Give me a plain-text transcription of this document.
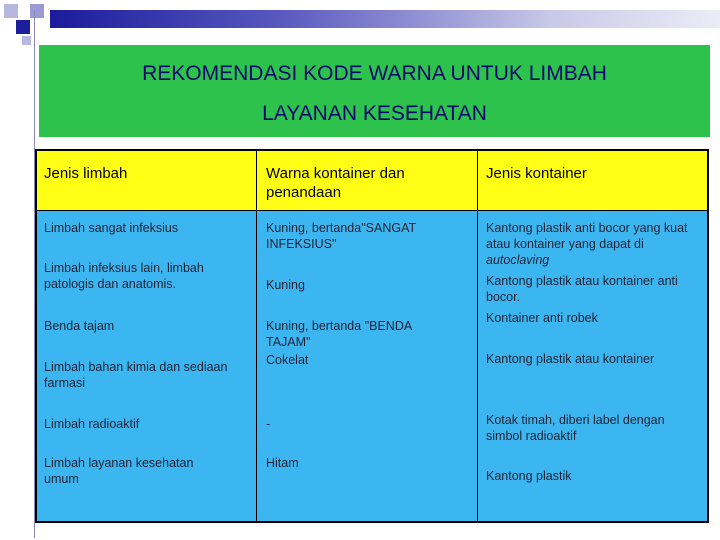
REKOMENDASI KODE WARNA UNTUK LIMBAH
LAYANAN KESEHATAN
Jenis limbah	Warna kontainer dan penandaan
Jenis kontainer
Limbah sangat infeksius
Limbah infeksius lain, limbah patologis dan anatomis.
Benda tajam
Limbah bahan kimia dan sediaan farmasi
Limbah radioaktif
Limbah layanan kesehatan umum
Kuning, bertanda"SANGAT INFEKSIUS"
Kuning
Kuning, bertanda "BENDA TAJAM"
Cokelat
-
Hitam
Kantong plastik anti bocor yang kuat atau kontainer yang dapat di autoclaving
Kantong plastik atau kontainer anti bocor.
Kontainer anti robek
Kantong plastik atau kontainer
Kotak timah, diberi label dengan simbol radioaktif
Kantong plastik
